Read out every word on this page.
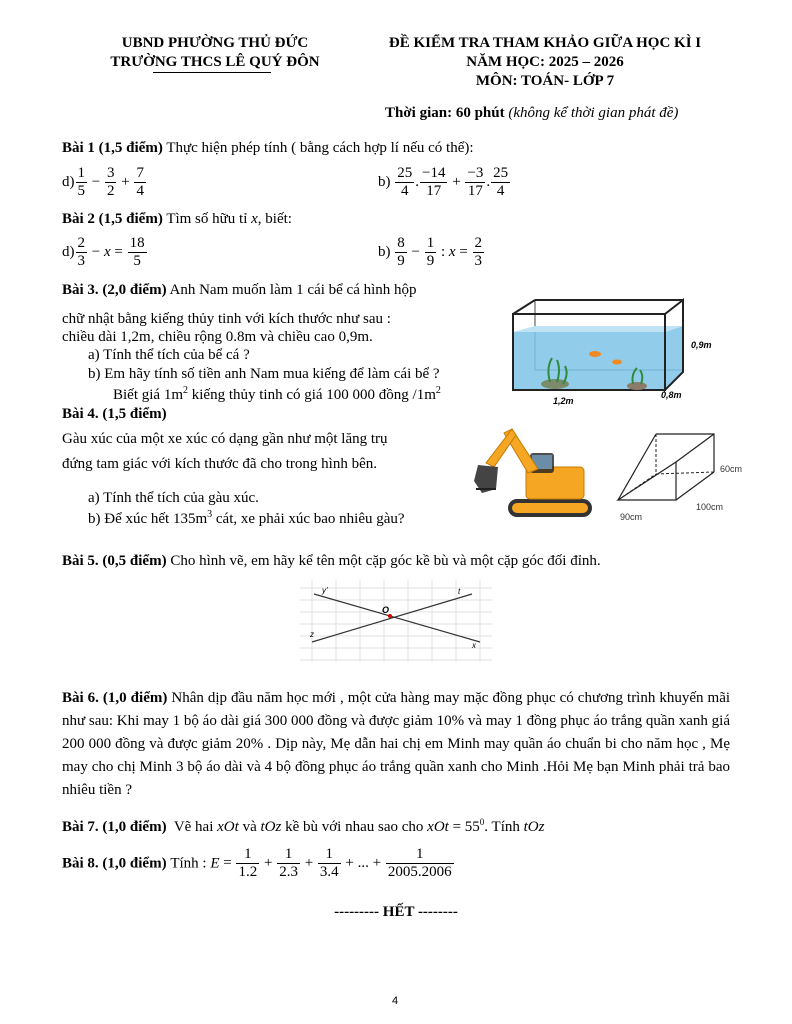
UBND PHƯỜNG THỦ ĐỨC
TRƯỜNG THCS LÊ QUÝ ĐÔN
ĐỀ KIỂM TRA THAM KHẢO GIỮA HỌC KÌ I
NĂM HỌC: 2025 – 2026
MÔN: TOÁN- LỚP 7
Thời gian: 60 phút (không kể thời gian phát đề)
Bài 1 (1,5 điểm) Thực hiện phép tính ( bằng cách hợp lí nếu có thể):
$d) \frac{1}{5} - \frac{3}{2} + \frac{7}{4}$	$b) \frac{25}{4}$ . $\frac{-14}{17} + \frac{-3}{17}$ . $\frac{25}{4}$
Bài 2 (1,5 điểm) Tìm số hữu tỉ x, biết:
$d) \frac{2}{3} - x = \frac{18}{5}$	$b) \frac{8}{9} - \frac{1}{9}$ : $x = \frac{2}{3}$
Bài 3. (2,0 điểm) Anh Nam muốn làm 1 cái bể cá hình hộp
chữ nhật bằng kiếng thủy tinh với kích thước như sau :
chiều dài 1,2m, chiều rộng 0.8m và chiều cao 0,9m.
a) Tính thể tích của bể cá ?
b) Em hãy tính số tiền anh Nam mua kiếng để làm cái bể ?
Biết giá $1m^2$ kiếng thủy tinh có giá 100 000 đồng $/1m^2$
0,9m
1,2m
0,8m
Bài 4. (1,5 điểm)
Gàu xúc của một xe xúc có dạng gần như một lăng trụ
đứng tam giác với kích thước đã cho trong hình bên.
a) Tính thể tích của gàu xúc.
b) Để xúc hết $135m^3$ cát, xe phải xúc bao nhiêu gàu?
60cm
100cm
90cm
Bài 5. (0,5 điểm) Cho hình vẽ, em hãy kể tên một cặp góc kề bù và một cặp góc đối đỉnh.
y'	t
O
z
x
Bài 6. (1,0 điểm) Nhân dịp đầu năm học mới , một cửa hàng may mặc đồng phục có chương trình khuyến mãi như sau: Khi may 1 bộ áo dài giá 300 000 đồng và được giảm 10% và may 1 đồng phục áo trắng quần xanh giá 200 000 đồng và được giảm 20% . Dịp này, Mẹ dẫn hai chị em Minh may quần áo chuẩn bi cho năm học , Mẹ may cho chị Minh 3 bộ áo dài và 4 bộ đồng phục áo trắng quần xanh cho Minh .Hỏi Mẹ bạn Minh phải trả bao nhiêu tiền ?
Bài 7. (1,0 điểm) Vẽ hai xOt và tOz kề bù với nhau sao cho xOt = $55^0$. Tính tOz
Bài 8. (1,0 điểm) Tính : $E = \frac{1}{1.2} + \frac{1}{2.3} + \frac{1}{3.4}$ + ... + $\frac{1}{2005.2006}$
--------- HẾT --------
4
